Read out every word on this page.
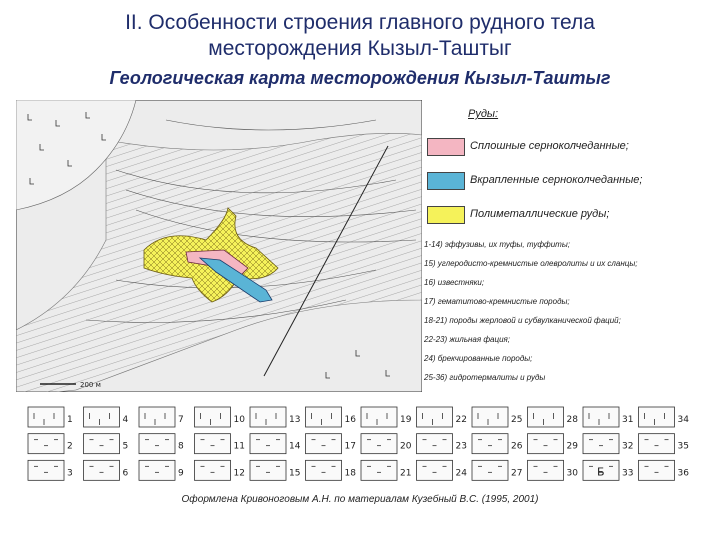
II. Особенности строения главного рудного тела
месторождения Кызыл-Таштыг
Геологическая карта месторождения Кызыл-Таштыг
200 м
Руды:
Сплошные серноколчеданные;
Вкрапленные серноколчеданные;
Полиметаллические руды;
1-14) эффузивы, их туфы, туффиты;
15) углеродисто-кремнистые олевролиты и их сланцы;
16) известняки;
17) гематитово-кремнистые породы;
18-21) породы жерловой и субвулканической фаций;
22-23) жильная фация;
24) брекчированные породы;
25-36) гидротермалиты и руды
1
2
3
4
5
6
7
8
9
10
11
12
13
14
15
16
17
18
19
20
21
22
23
24
25
26
27
28
29
30
31
32
33
Б
34
35
36
Оформлена Кривоногoвым А.Н. по материалам Кузебный В.С. (1995, 2001)
